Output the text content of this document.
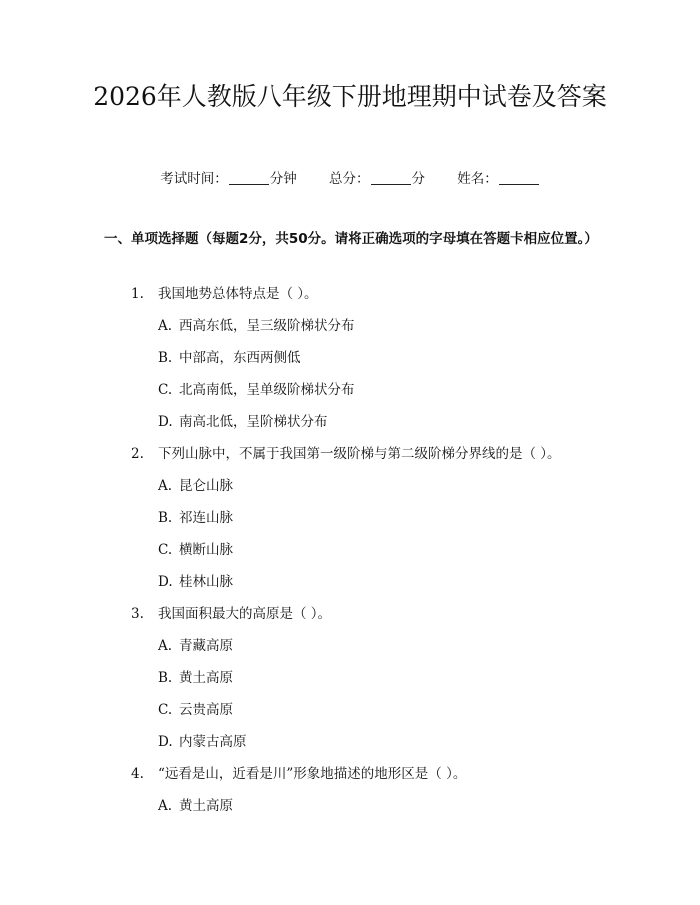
2026年人教版八年级下册地理期中试卷及答案
考试时间：	分钟 总分：	分 姓名：
一、单项选择题（每题2分，共50分。请将正确选项的字母填在答题卡相应位置。）
1. 我国地势总体特点是（ ）。
A. 西高东低，呈三级阶梯状分布
B. 中部高，东西两侧低
C. 北高南低，呈单级阶梯状分布
D. 南高北低，呈阶梯状分布
2. 下列山脉中，不属于我国第一级阶梯与第二级阶梯分界线的是（ ）。
A. 昆仑山脉
B. 祁连山脉
C. 横断山脉
D. 桂林山脉
3. 我国面积最大的高原是（ ）。
A. 青藏高原
B. 黄土高原
C. 云贵高原
D. 内蒙古高原
4. “远看是山，近看是川”形象地描述的地形区是（ ）。
A. 黄土高原
